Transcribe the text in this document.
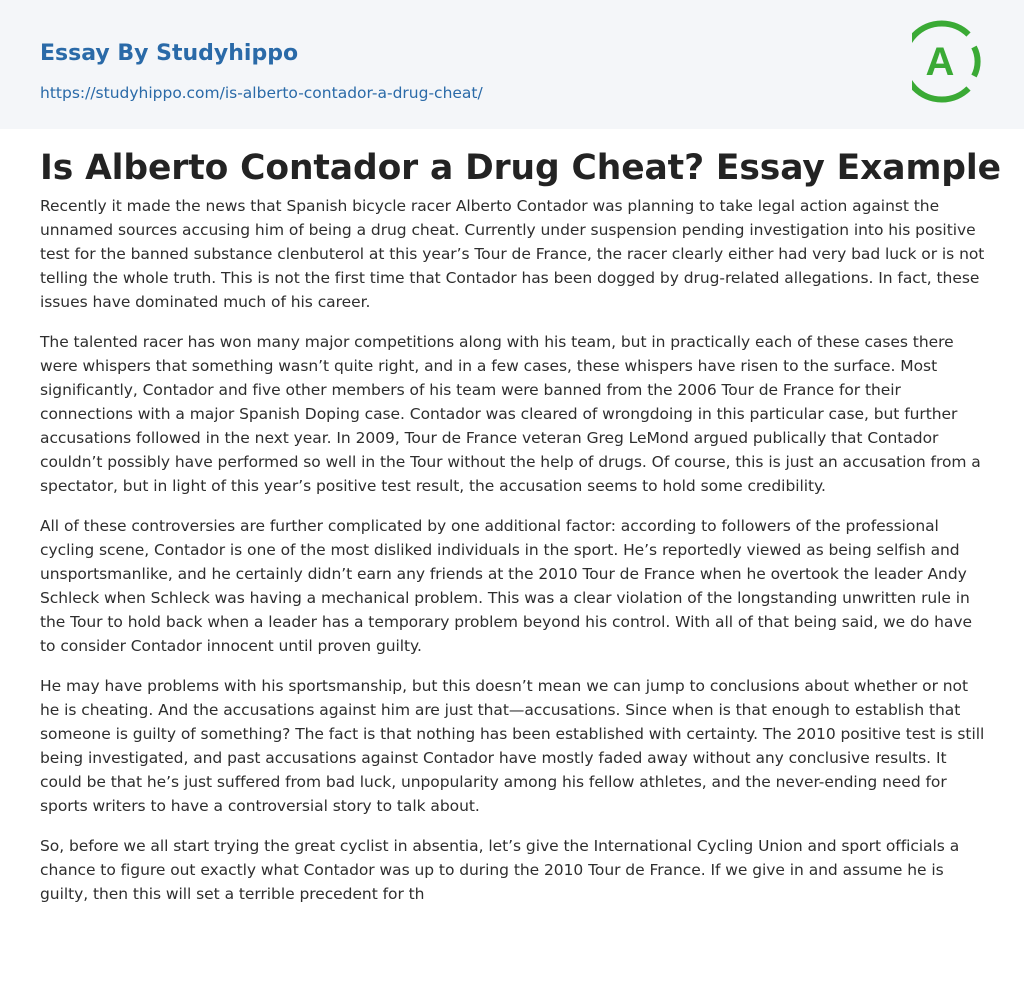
Essay By Studyhippo
https://studyhippo.com/is-alberto-contador-a-drug-cheat/
A
Is Alberto Contador a Drug Cheat? Essay Example

Recently it made the news that Spanish bicycle racer Alberto Contador was planning to take legal action against the unnamed sources accusing him of being a drug cheat. Currently under suspension pending investigation into his positive test for the banned substance clenbuterol at this year’s Tour de France, the racer clearly either had very bad luck or is not telling the whole truth. This is not the first time that Contador has been dogged by drug-related allegations. In fact, these issues have dominated much of his career.

The talented racer has won many major competitions along with his team, but in practically each of these cases there were whispers that something wasn’t quite right, and in a few cases, these whispers have risen to the surface. Most significantly, Contador and five other members of his team were banned from the 2006 Tour de France for their connections with a major Spanish Doping case. Contador was cleared of wrongdoing in this particular case, but further accusations followed in the next year. In 2009, Tour de France veteran Greg LeMond argued publically that Contador couldn’t possibly have performed so well in the Tour without the help of drugs. Of course, this is just an accusation from a spectator, but in light of this year’s positive test result, the accusation seems to hold some credibility.

All of these controversies are further complicated by one additional factor: according to followers of the professional cycling scene, Contador is one of the most disliked individuals in the sport. He’s reportedly viewed as being selfish and unsportsmanlike, and he certainly didn’t earn any friends at the 2010 Tour de France when he overtook the leader Andy Schleck when Schleck was having a mechanical problem. This was a clear violation of the longstanding unwritten rule in the Tour to hold back when a leader has a temporary problem beyond his control. With all of that being said, we do have to consider Contador innocent until proven guilty.

He may have problems with his sportsmanship, but this doesn’t mean we can jump to conclusions about whether or not he is cheating. And the accusations against him are just that—accusations. Since when is that enough to establish that someone is guilty of something? The fact is that nothing has been established with certainty. The 2010 positive test is still being investigated, and past accusations against Contador have mostly faded away without any conclusive results. It could be that he’s just suffered from bad luck, unpopularity among his fellow athletes, and the never-ending need for sports writers to have a controversial story to talk about.

So, before we all start trying the great cyclist in absentia, let’s give the International Cycling Union and sport officials a chance to figure out exactly what Contador was up to during the 2010 Tour de France. If we give in and assume he is guilty, then this will set a terrible precedent for th
